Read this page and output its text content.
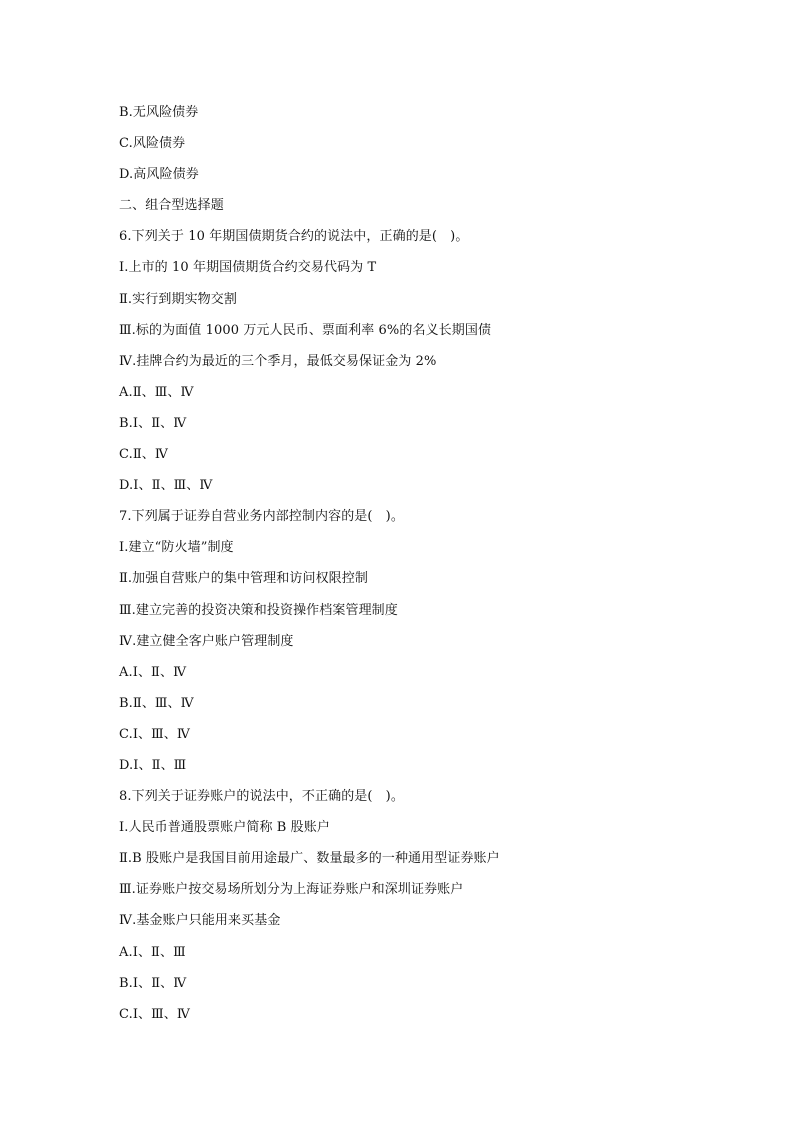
B.无风险债券
C.风险债券
D.高风险债券
二、组合型选择题
6.下列关于 10 年期国债期货合约的说法中，正确的是(　)。
Ⅰ.上市的 10 年期国债期货合约交易代码为 T
Ⅱ.实行到期实物交割
Ⅲ.标的为面值 1000 万元人民币、票面利率 6%的名义长期国债
Ⅳ.挂牌合约为最近的三个季月，最低交易保证金为 2%
A.Ⅱ、Ⅲ、Ⅳ
B.Ⅰ、Ⅱ、Ⅳ
C.Ⅱ、Ⅳ
D.Ⅰ、Ⅱ、Ⅲ、Ⅳ
7.下列属于证券自营业务内部控制内容的是(　)。
Ⅰ.建立“防火墙”制度
Ⅱ.加强自营账户的集中管理和访问权限控制
Ⅲ.建立完善的投资决策和投资操作档案管理制度
Ⅳ.建立健全客户账户管理制度
A.Ⅰ、Ⅱ、Ⅳ
B.Ⅱ、Ⅲ、Ⅳ
C.Ⅰ、Ⅲ、Ⅳ
D.Ⅰ、Ⅱ、Ⅲ
8.下列关于证券账户的说法中，不正确的是(　)。
Ⅰ.人民币普通股票账户简称 B 股账户
Ⅱ.B 股账户是我国目前用途最广、数量最多的一种通用型证券账户
Ⅲ.证券账户按交易场所划分为上海证券账户和深圳证券账户
Ⅳ.基金账户只能用来买基金
A.Ⅰ、Ⅱ、Ⅲ
B.Ⅰ、Ⅱ、Ⅳ
C.Ⅰ、Ⅲ、Ⅳ
